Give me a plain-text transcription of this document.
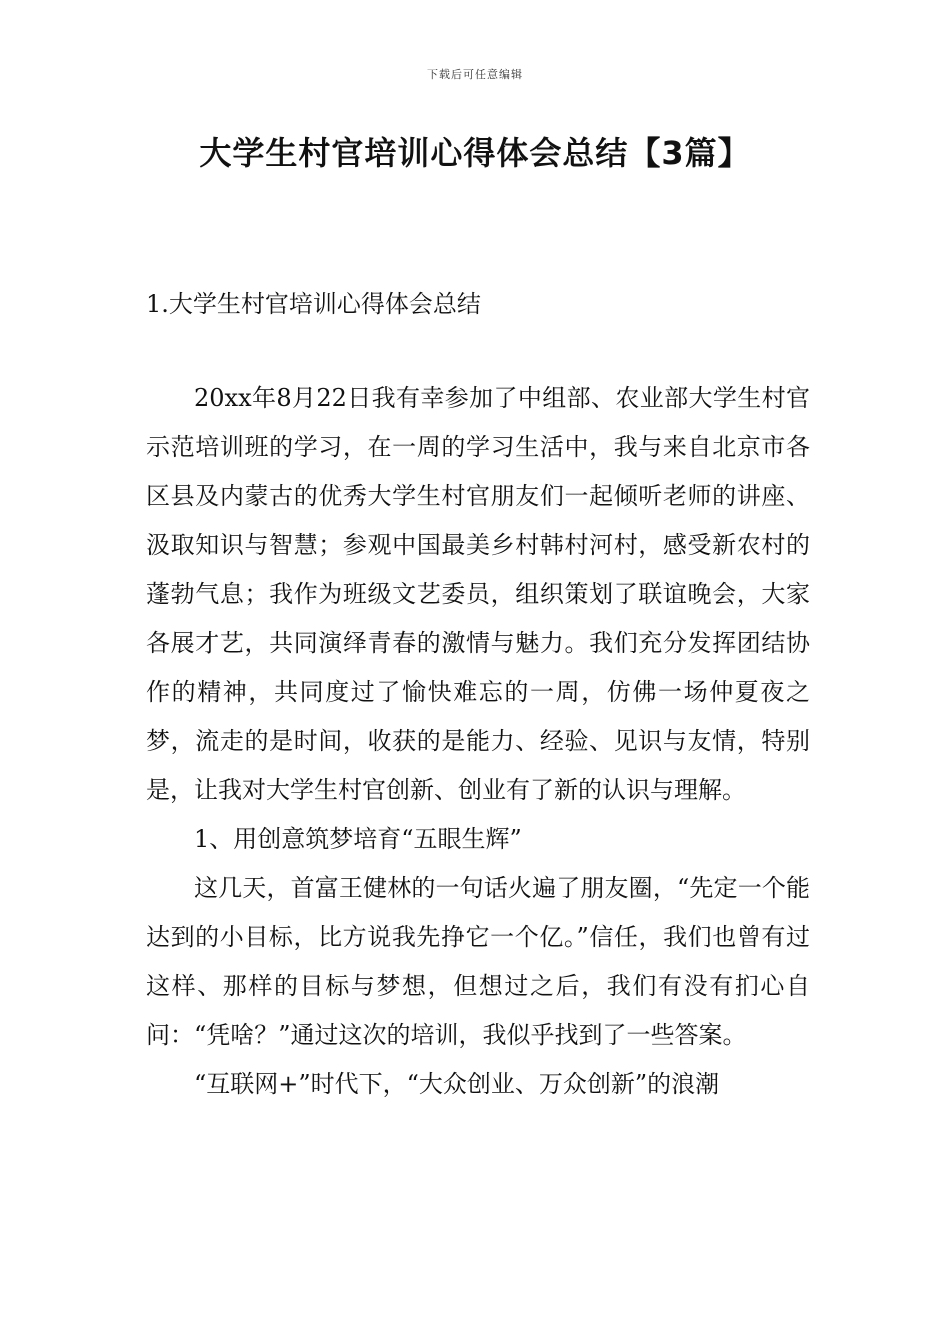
下载后可任意编辑
大学生村官培训心得体会总结【3篇】
1.大学生村官培训心得体会总结

20xx年8月22日我有幸参加了中组部、农业部大学生村官示范培训班的学习，在一周的学习生活中，我与来自北京市各区县及内蒙古的优秀大学生村官朋友们一起倾听老师的讲座、汲取知识与智慧；参观中国最美乡村韩村河村，感受新农村的蓬勃气息；我作为班级文艺委员，组织策划了联谊晚会，大家各展才艺，共同演绎青春的激情与魅力。我们充分发挥团结协作的精神，共同度过了愉快难忘的一周，仿佛一场仲夏夜之梦，流走的是时间，收获的是能力、经验、见识与友情，特别是，让我对大学生村官创新、创业有了新的认识与理解。

1、用创意筑梦培育“五眼生辉”

这几天，首富王健林的一句话火遍了朋友圈，“先定一个能达到的小目标，比方说我先挣它一个亿。”信任，我们也曾有过这样、那样的目标与梦想，但想过之后，我们有没有扪心自问：“凭啥？”通过这次的培训，我似乎找到了一些答案。

“互联网+”时代下，“大众创业、万众创新”的浪潮
